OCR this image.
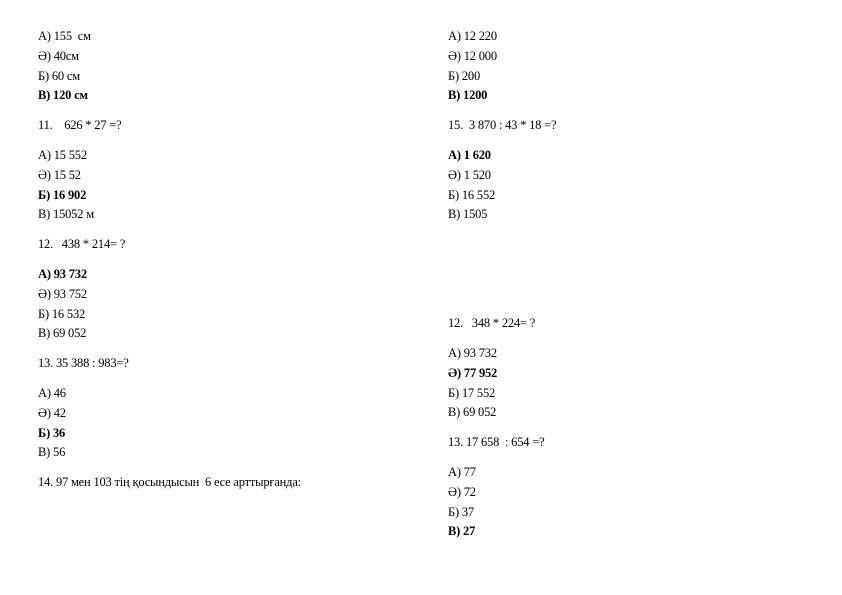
А) 155  см
Ә) 40см
Б) 60 см
В) 120 см
11.    626 * 27 =?
А) 15 552
Ә) 15 52
Б) 16 902
В) 15052 м
12.   438 * 214= ?
А) 93 732
Ә) 93 752
Б) 16 532
В) 69 052
13. 35 388 : 983=?
А) 46
Ә) 42
Б) 36
В) 56
14. 97 мен 103 тің қосындысын  6 есе арттырғанда:
А) 12 220
Ә) 12 000
Б) 200
В) 1200
15.  3 870 : 43 * 18 =?
А) 1 620
Ә) 1 520
Б) 16 552
В) 1505
12.   348 * 224= ?
А) 93 732
Ә) 77 952
Б) 17 552
В) 69 052
13. 17 658  : 654 =?
А) 77
Ә) 72
Б) 37
В) 27
